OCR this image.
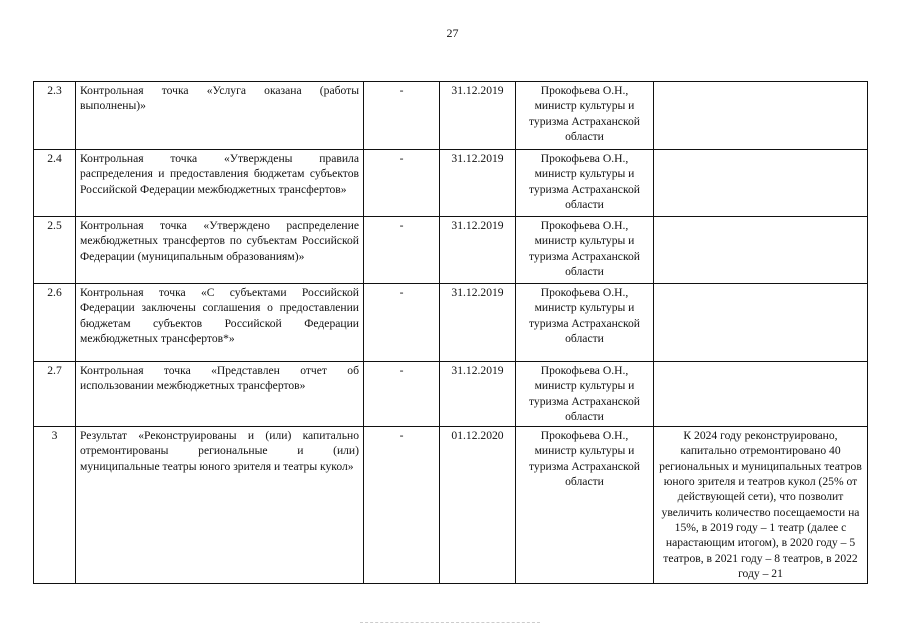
27
2.3	Контрольная точка «Услуга оказана (работы выполнены)»	-	31.12.2019	Прокофьева О.Н., министр культуры и туризма Астраханской области	
2.4	Контрольная точка «Утверждены правила распределения и предоставления бюджетам субъектов Российской Федерации межбюджетных трансфертов»	-	31.12.2019	Прокофьева О.Н., министр культуры и туризма Астраханской области	
2.5	Контрольная точка «Утверждено распределение межбюджетных трансфертов по субъектам Российской Федерации (муниципальным образованиям)»	-	31.12.2019	Прокофьева О.Н., министр культуры и туризма Астраханской области	
2.6	Контрольная точка «С субъектами Российской Федерации заключены соглашения о предоставлении бюджетам субъектов Российской Федерации межбюджетных трансфертов*»	-	31.12.2019	Прокофьева О.Н., министр культуры и туризма Астраханской области	
2.7	Контрольная точка «Представлен отчет об использовании межбюджетных трансфертов»	-	31.12.2019	Прокофьева О.Н., министр культуры и туризма Астраханской области	
3	Результат «Реконструированы и (или) капитально отремонтированы региональные и (или) муниципальные театры юного зрителя и театры кукол»	-	01.12.2020	Прокофьева О.Н., министр культуры и туризма Астраханской области	К 2024 году реконструировано, капитально отремонтировано 40 региональных и муниципальных театров юного зрителя и театров кукол (25% от действующей сети), что позволит увеличить количество посещаемости на 15%, в 2019 году – 1 театр (далее с нарастающим итогом), в 2020 году – 5 театров, в 2021 году – 8 театров, в 2022 году – 21
